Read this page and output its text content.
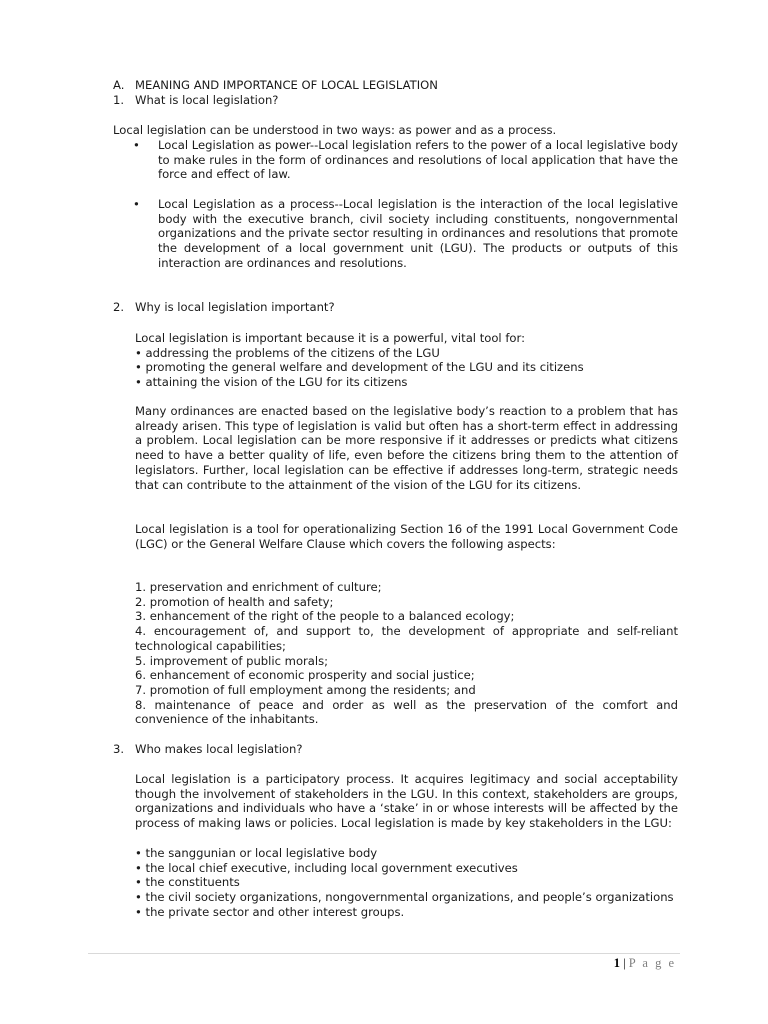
A. MEANING AND IMPORTANCE OF LOCAL LEGISLATION
1. What is local legislation?

Local legislation can be understood in two ways: as power and as a process.

• Local Legislation as power--Local legislation refers to the power of a local legislative body to make rules in the form of ordinances and resolutions of local application that have the force and effect of law.

• Local Legislation as a process--Local legislation is the interaction of the local legislative body with the executive branch, civil society including constituents, nongovernmental organizations and the private sector resulting in ordinances and resolutions that promote the development of a local government unit (LGU). The products or outputs of this interaction are ordinances and resolutions.

2. Why is local legislation important?

Local legislation is important because it is a powerful, vital tool for:

• addressing the problems of the citizens of the LGU

• promoting the general welfare and development of the LGU and its citizens

• attaining the vision of the LGU for its citizens

Many ordinances are enacted based on the legislative body’s reaction to a problem that has already arisen. This type of legislation is valid but often has a short-term effect in addressing a problem. Local legislation can be more responsive if it addresses or predicts what citizens need to have a better quality of life, even before the citizens bring them to the attention of legislators. Further, local legislation can be effective if addresses long-term, strategic needs that can contribute to the attainment of the vision of the LGU for its citizens.

Local legislation is a tool for operationalizing Section 16 of the 1991 Local Government Code (LGC) or the General Welfare Clause which covers the following aspects:

1. preservation and enrichment of culture;

2. promotion of health and safety;

3. enhancement of the right of the people to a balanced ecology;

4. encouragement of, and support to, the development of appropriate and self-reliant technological capabilities;

5. improvement of public morals;

6. enhancement of economic prosperity and social justice;

7. promotion of full employment among the residents; and

8. maintenance of peace and order as well as the preservation of the comfort and convenience of the inhabitants.

3. Who makes local legislation?

Local legislation is a participatory process. It acquires legitimacy and social acceptability though the involvement of stakeholders in the LGU. In this context, stakeholders are groups, organizations and individuals who have a ‘stake’ in or whose interests will be affected by the process of making laws or policies. Local legislation is made by key stakeholders in the LGU:

• the sanggunian or local legislative body

• the local chief executive, including local government executives

• the constituents

• the civil society organizations, nongovernmental organizations, and people’s organizations

• the private sector and other interest groups.

1 | P a g e
